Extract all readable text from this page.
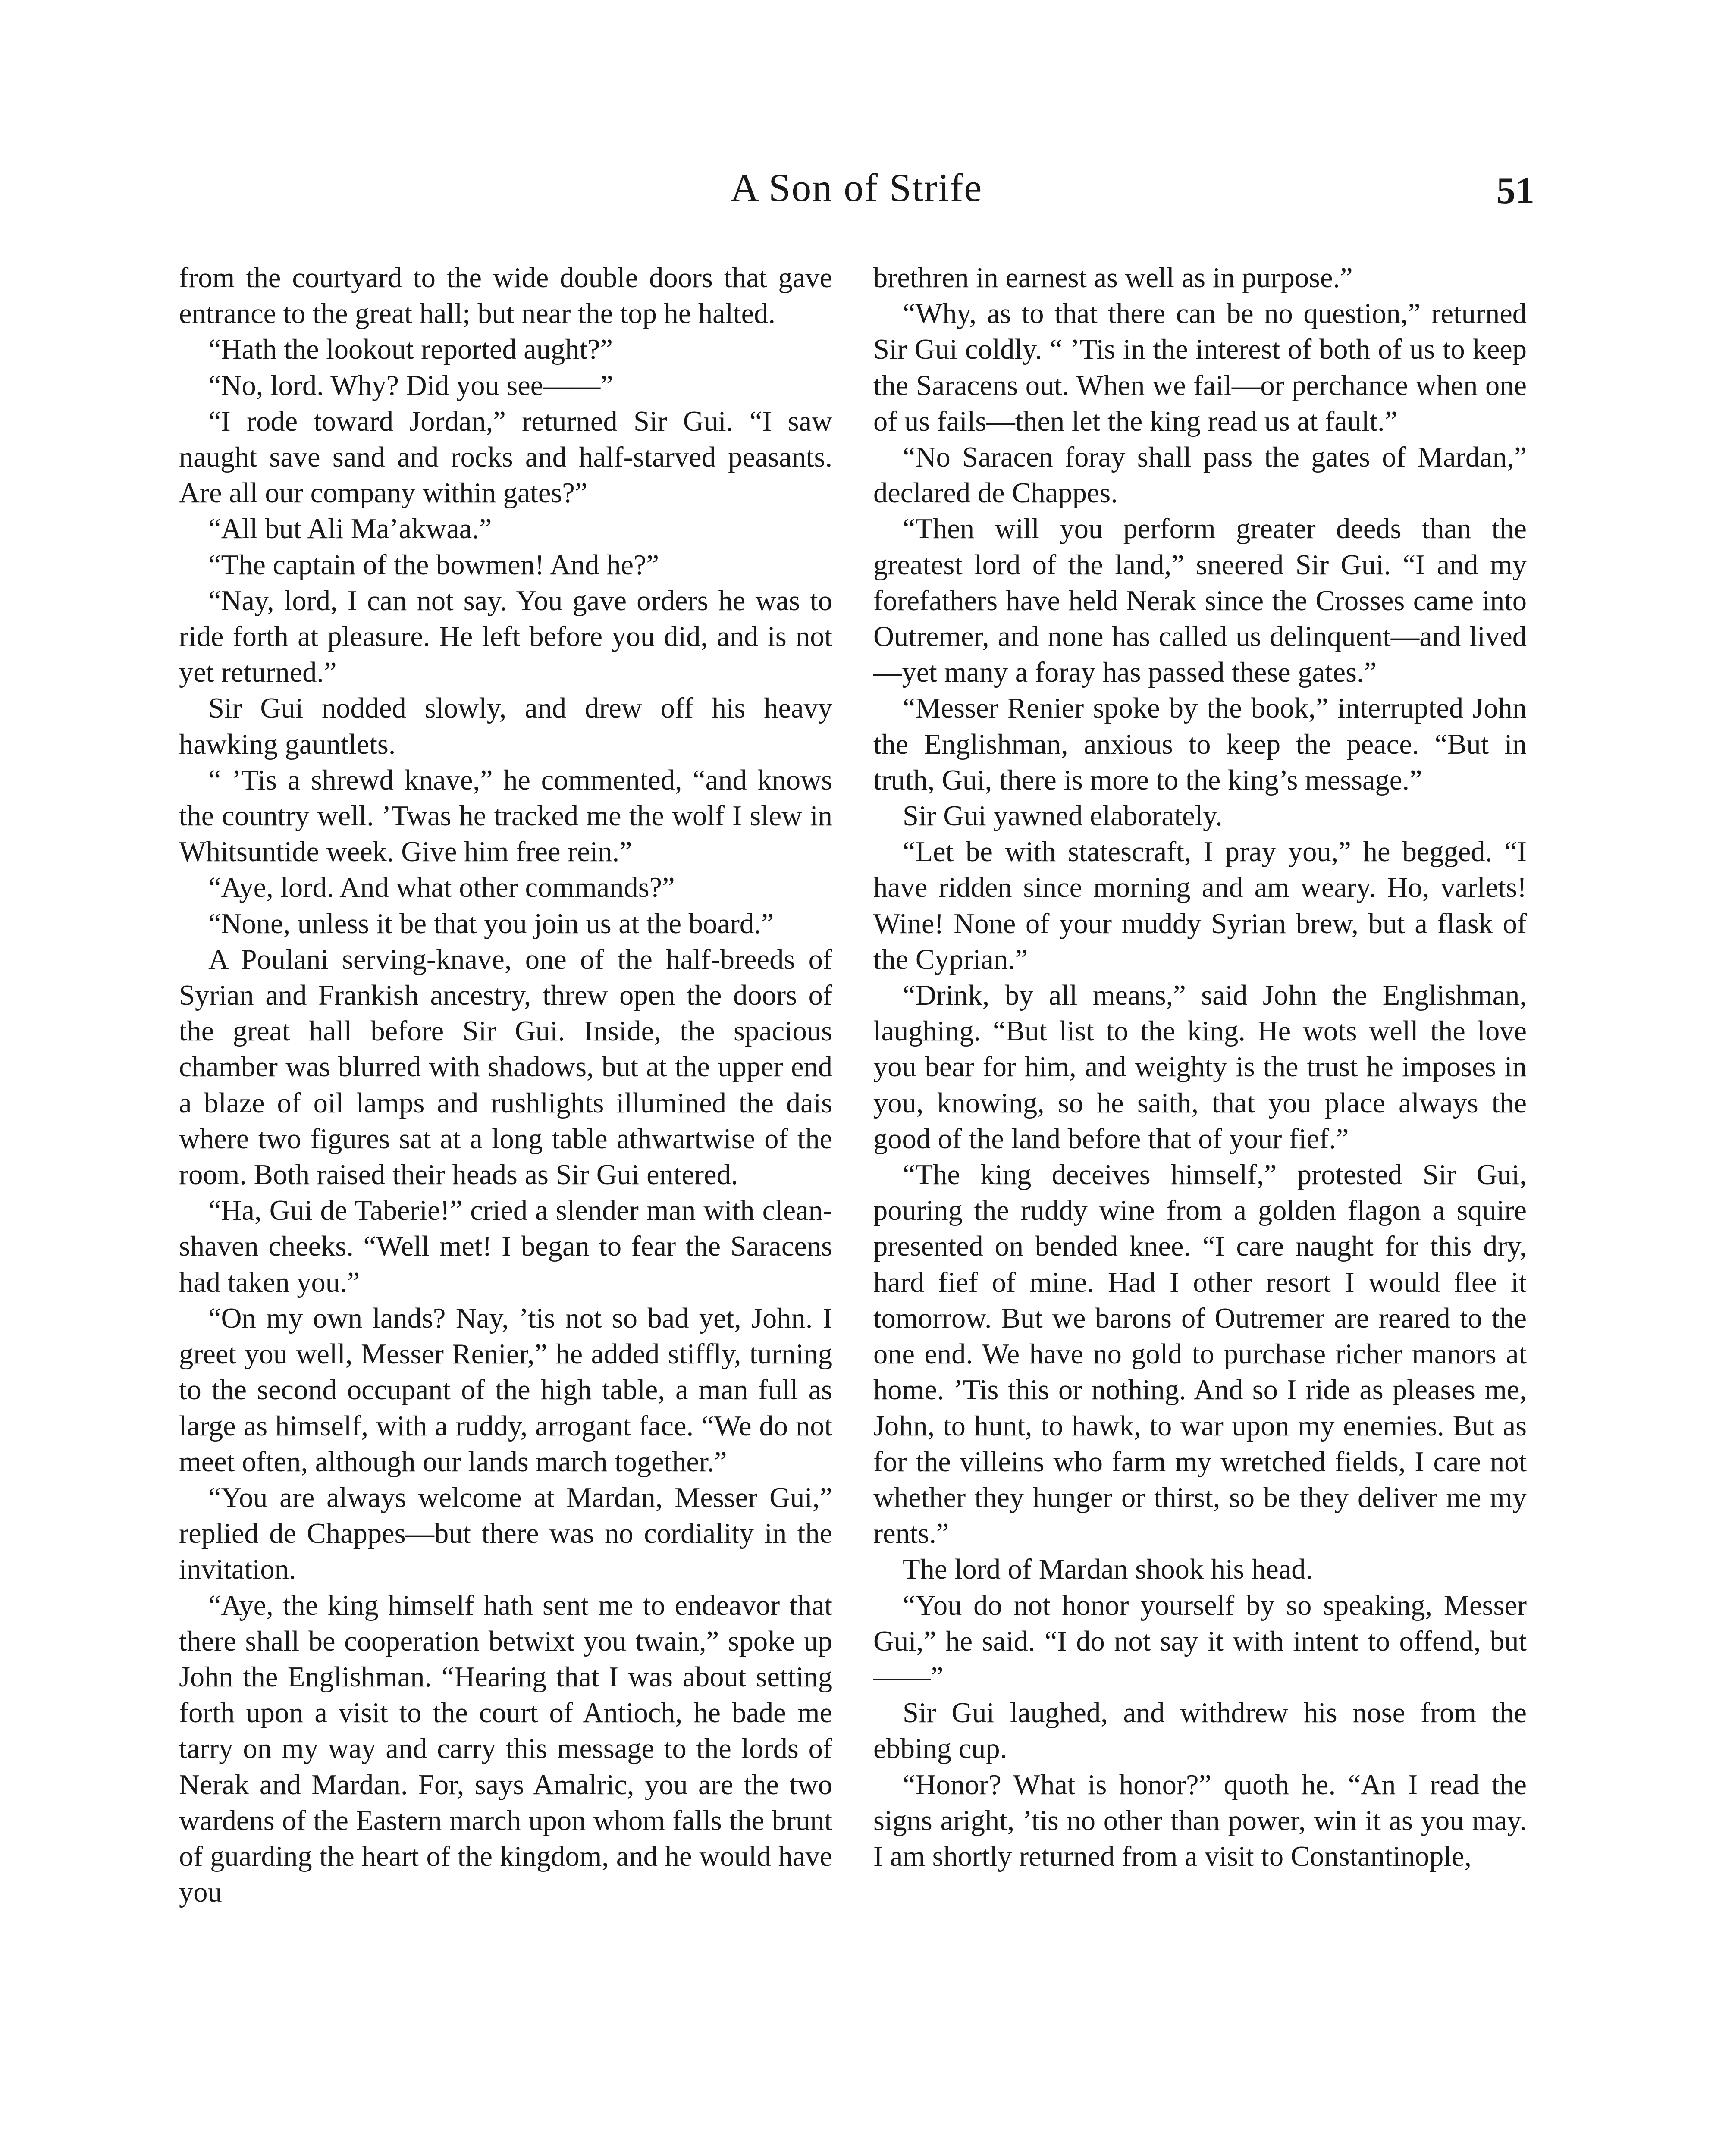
A Son of Strife	51

from the courtyard to the wide double doors that gave entrance to the great hall; but near the top he halted.

“Hath the lookout reported aught?”

“No, lord. Why? Did you see——”

“I rode toward Jordan,” returned Sir Gui. “I saw naught save sand and rocks and half-starved peasants. Are all our company within gates?”

“All but Ali Ma’akwaa.”

“The captain of the bowmen! And he?”

“Nay, lord, I can not say. You gave orders he was to ride forth at pleasure. He left before you did, and is not yet returned.”

Sir Gui nodded slowly, and drew off his heavy hawking gauntlets.

“ ’Tis a shrewd knave,” he commented, “and knows the country well. ’Twas he tracked me the wolf I slew in Whitsuntide week. Give him free rein.”

“Aye, lord. And what other commands?”

“None, unless it be that you join us at the board.”

A Poulani serving-knave, one of the half-breeds of Syrian and Frankish ancestry, threw open the doors of the great hall before Sir Gui. Inside, the spacious chamber was blurred with shadows, but at the upper end a blaze of oil lamps and rushlights illumined the dais where two figures sat at a long table athwartwise of the room. Both raised their heads as Sir Gui entered.

“Ha, Gui de Taberie!” cried a slender man with clean-shaven cheeks. “Well met! I began to fear the Saracens had taken you.”

“On my own lands? Nay, ’tis not so bad yet, John. I greet you well, Messer Renier,” he added stiffly, turning to the second occupant of the high table, a man full as large as himself, with a ruddy, arrogant face. “We do not meet often, although our lands march together.”

“You are always welcome at Mardan, Messer Gui,” replied de Chappes—but there was no cordiality in the invitation.

“Aye, the king himself hath sent me to endeavor that there shall be cooperation betwixt you twain,” spoke up John the Englishman. “Hearing that I was about setting forth upon a visit to the court of Antioch, he bade me tarry on my way and carry this message to the lords of Nerak and Mardan. For, says Amalric, you are the two wardens of the Eastern march upon whom falls the brunt of guarding the heart of the kingdom, and he would have you

brethren in earnest as well as in purpose.”

“Why, as to that there can be no question,” returned Sir Gui coldly. “ ’Tis in the interest of both of us to keep the Saracens out. When we fail—or perchance when one of us fails—then let the king read us at fault.”

“No Saracen foray shall pass the gates of Mardan,” declared de Chappes.

“Then will you perform greater deeds than the greatest lord of the land,” sneered Sir Gui. “I and my forefathers have held Nerak since the Crosses came into Outremer, and none has called us delinquent—and lived—yet many a foray has passed these gates.”

“Messer Renier spoke by the book,” interrupted John the Englishman, anxious to keep the peace. “But in truth, Gui, there is more to the king’s message.”

Sir Gui yawned elaborately.

“Let be with statescraft, I pray you,” he begged. “I have ridden since morning and am weary. Ho, varlets! Wine! None of your muddy Syrian brew, but a flask of the Cyprian.”

“Drink, by all means,” said John the Englishman, laughing. “But list to the king. He wots well the love you bear for him, and weighty is the trust he imposes in you, knowing, so he saith, that you place always the good of the land before that of your fief.”

“The king deceives himself,” protested Sir Gui, pouring the ruddy wine from a golden flagon a squire presented on bended knee. “I care naught for this dry, hard fief of mine. Had I other resort I would flee it tomorrow. But we barons of Outremer are reared to the one end. We have no gold to purchase richer manors at home. ’Tis this or nothing. And so I ride as pleases me, John, to hunt, to hawk, to war upon my enemies. But as for the villeins who farm my wretched fields, I care not whether they hunger or thirst, so be they deliver me my rents.”

The lord of Mardan shook his head.

“You do not honor yourself by so speaking, Messer Gui,” he said. “I do not say it with intent to offend, but——”

Sir Gui laughed, and withdrew his nose from the ebbing cup.

“Honor? What is honor?” quoth he. “An I read the signs aright, ’tis no other than power, win it as you may. I am shortly returned from a visit to Constantinople,
